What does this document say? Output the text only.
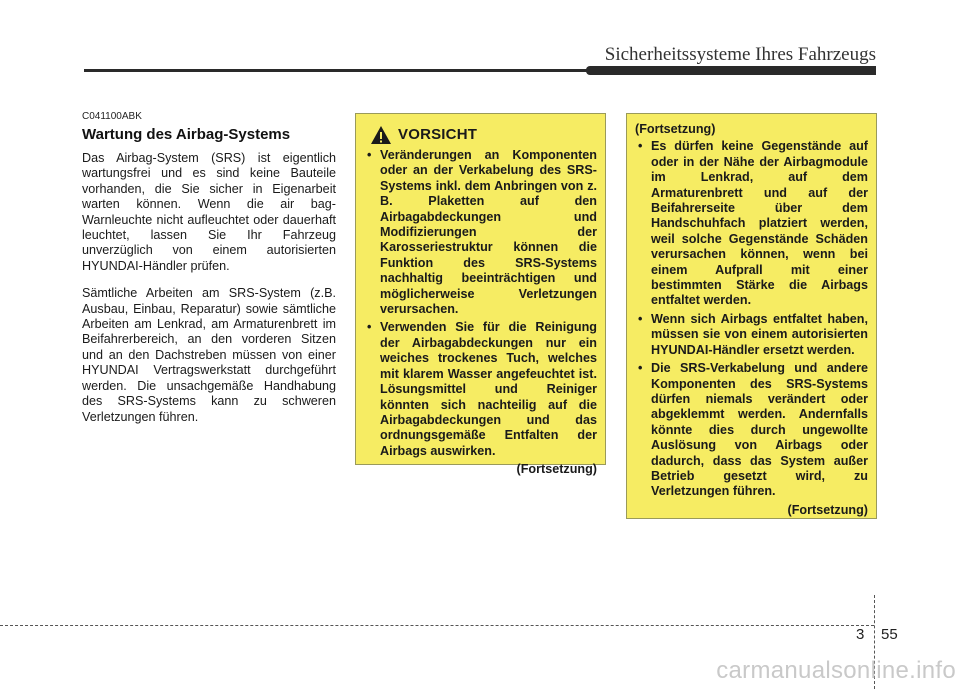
Sicherheitssysteme Ihres Fahrzeugs
C041100ABK
Wartung des Airbag-Systems

Das Airbag-System (SRS) ist eigentlich wartungsfrei und es sind keine Bauteile vorhanden, die Sie sicher in Eigenarbeit warten können. Wenn die air bag-Warnleuchte nicht aufleuchtet oder dauerhaft leuchtet, lassen Sie Ihr Fahrzeug unverzüglich von einem autorisierten HYUNDAI-Händler prüfen.

Sämtliche Arbeiten am SRS-System (z.B. Ausbau, Einbau, Reparatur) sowie sämtliche Arbeiten am Lenkrad, am Armaturenbrett im Beifahrerbereich, an den vorderen Sitzen und an den Dachstreben müssen von einer HYUNDAI Vertragswerkstatt durchgeführt werden. Die unsachgemäße Handhabung des SRS-Systems kann zu schweren Verletzungen führen.

VORSICHT
• Veränderungen an Komponenten oder an der Verkabelung des SRS-Systems inkl. dem Anbringen von z. B. Plaketten auf den Airbagabdeckungen und Modifizierungen der Karosseriestruktur können die Funktion des SRS-Systems nachhaltig beeinträchtigen und möglicherweise Verletzungen verursachen.
• Verwenden Sie für die Reinigung der Airbagabdeckungen nur ein weiches trockenes Tuch, welches mit klarem Wasser angefeuchtet ist. Lösungsmittel und Reiniger könnten sich nachteilig auf die Airbagabdeckungen und das ordnungsgemäße Entfalten der Airbags auswirken.
(Fortsetzung)
(Fortsetzung)
• Es dürfen keine Gegenstände auf oder in der Nähe der Airbagmodule im Lenkrad, auf dem Armaturenbrett und auf der Beifahrerseite über dem Handschuhfach platziert werden, weil solche Gegenstände Schäden verursachen können, wenn bei einem Aufprall mit einer bestimmten Stärke die Airbags entfaltet werden.
• Wenn sich Airbags entfaltet haben, müssen sie von einem autorisierten HYUNDAI-Händler ersetzt werden.
• Die SRS-Verkabelung und andere Komponenten des SRS-Systems dürfen niemals verändert oder abgeklemmt werden. Andernfalls könnte dies durch ungewollte Auslösung von Airbags oder dadurch, dass das System außer Betrieb gesetzt wird, zu Verletzungen führen.
(Fortsetzung)
3 55
carmanualsonline.info
